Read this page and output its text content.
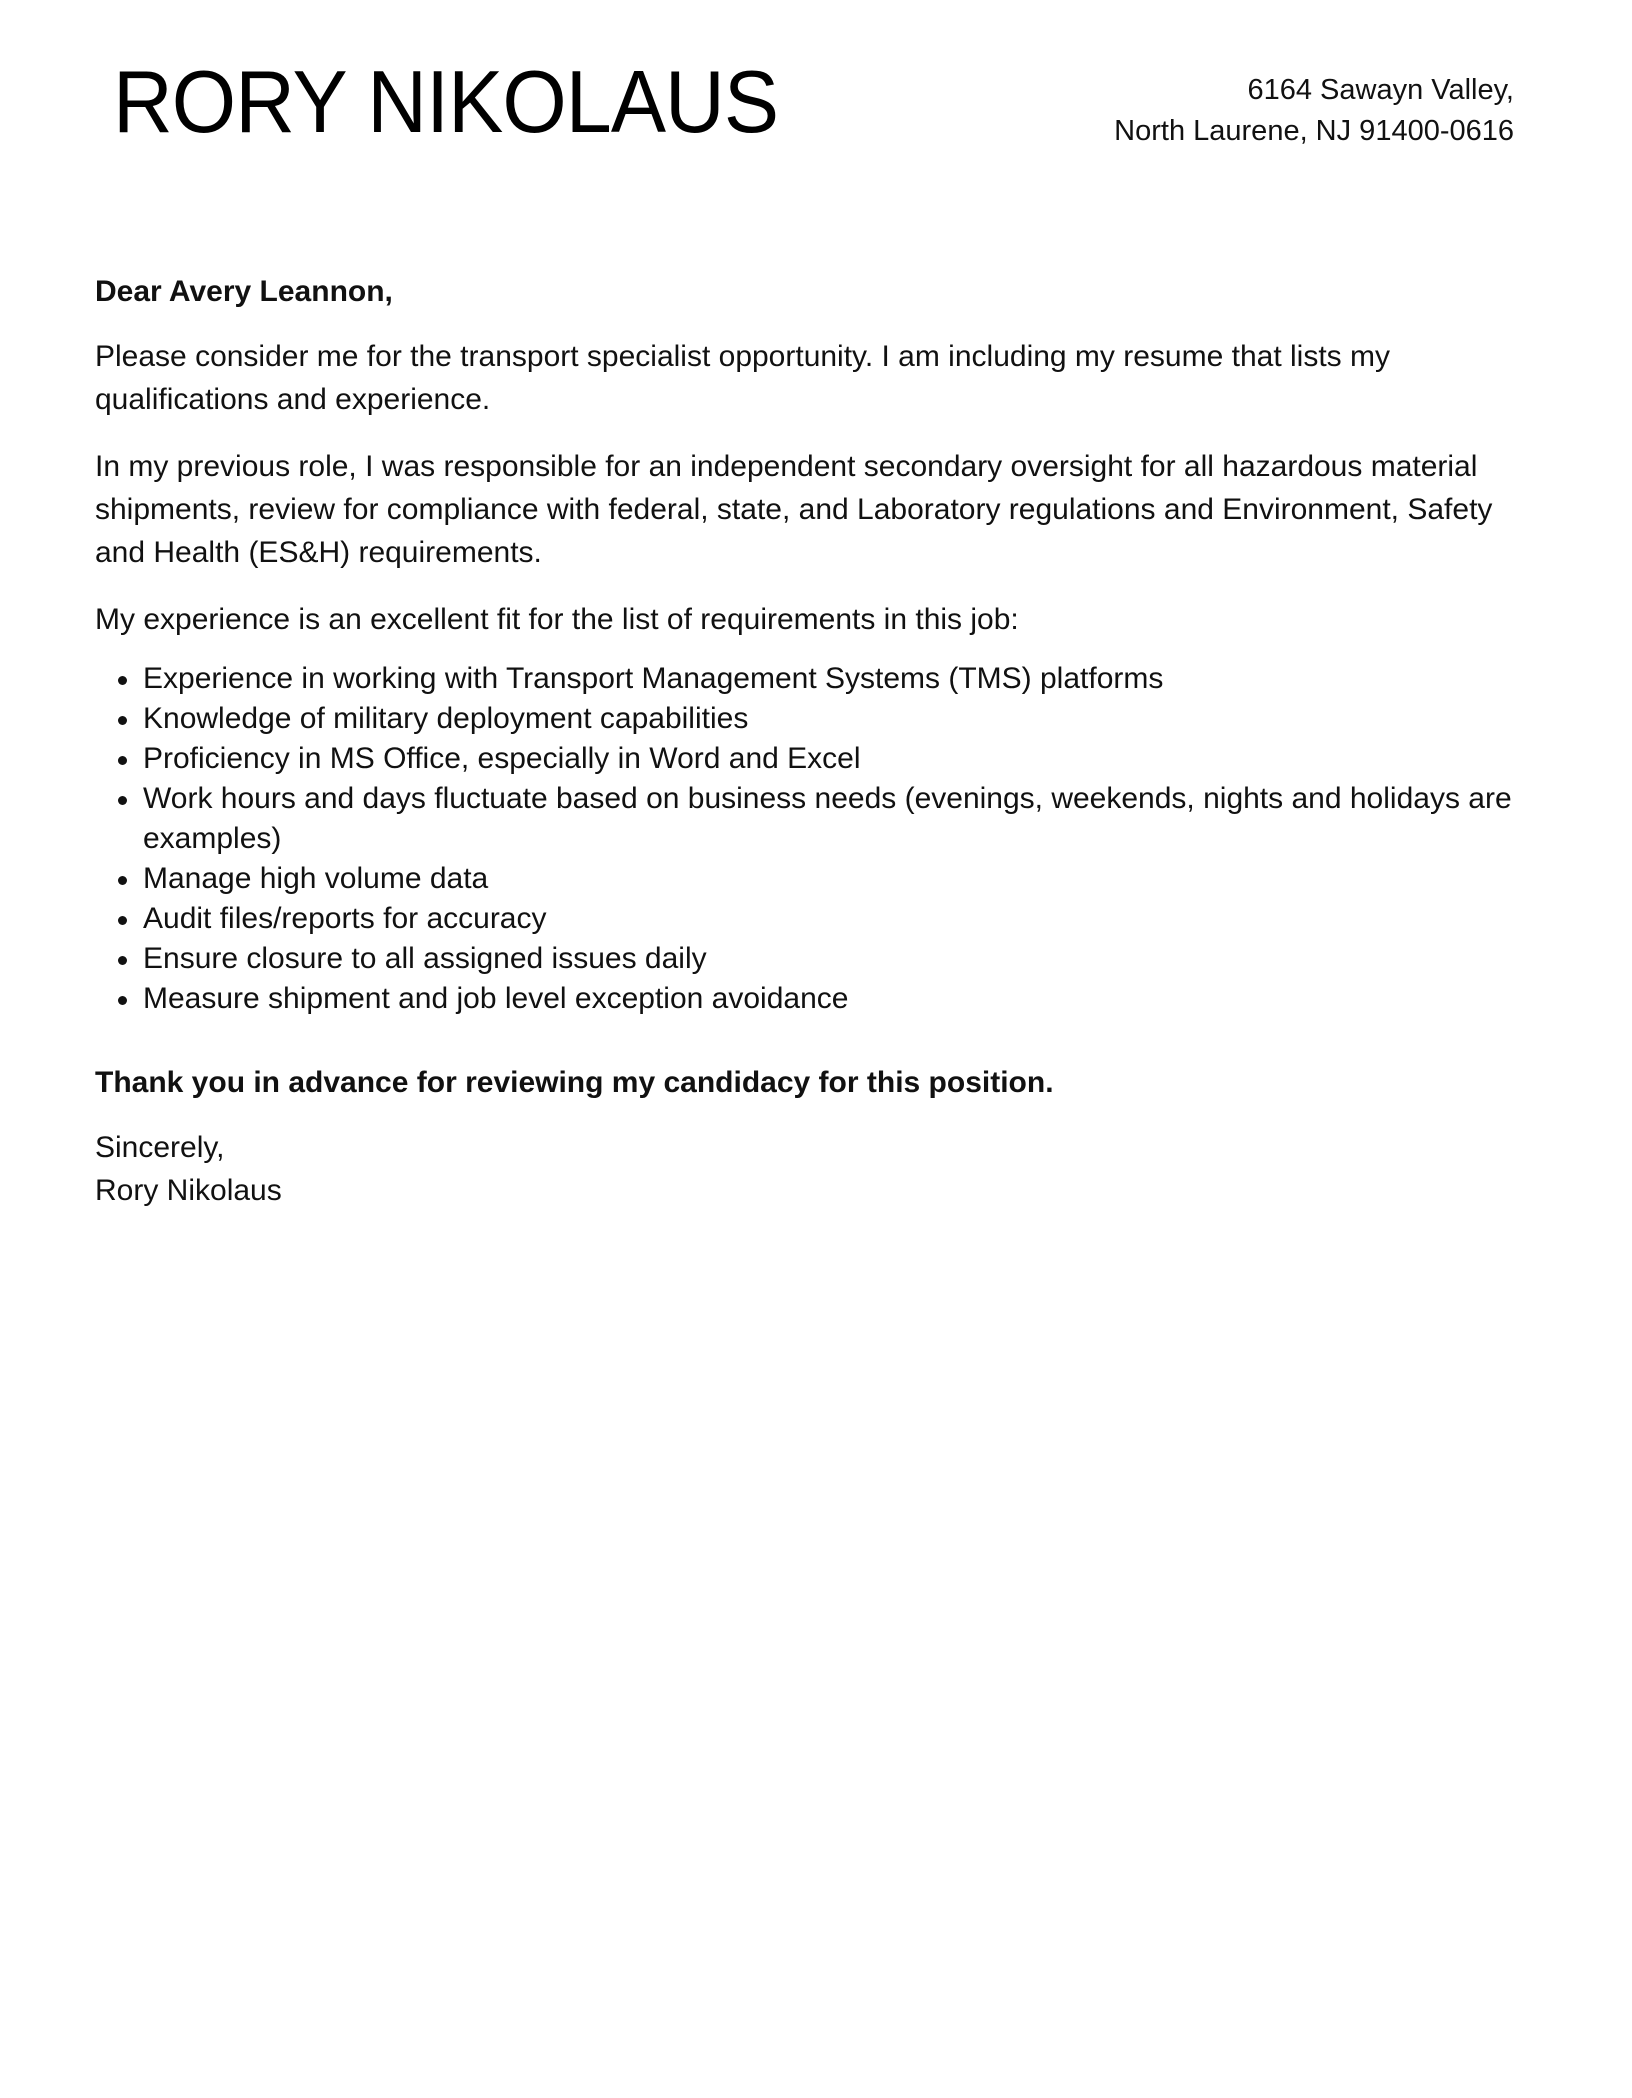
RORY NIKOLAUS	6164 Sawayn Valley,
North Laurene, NJ 91400-0616

Dear Avery Leannon,

Please consider me for the transport specialist opportunity. I am including my resume that lists my qualifications and experience.

In my previous role, I was responsible for an independent secondary oversight for all hazardous material shipments, review for compliance with federal, state, and Laboratory regulations and Environment, Safety and Health (ES&H) requirements.

My experience is an excellent fit for the list of requirements in this job:

Experience in working with Transport Management Systems (TMS) platforms
Knowledge of military deployment capabilities
Proficiency in MS Office, especially in Word and Excel
Work hours and days fluctuate based on business needs (evenings, weekends, nights and holidays are examples)
Manage high volume data
Audit files/reports for accuracy
Ensure closure to all assigned issues daily
Measure shipment and job level exception avoidance

Thank you in advance for reviewing my candidacy for this position.

Sincerely,

Rory Nikolaus
